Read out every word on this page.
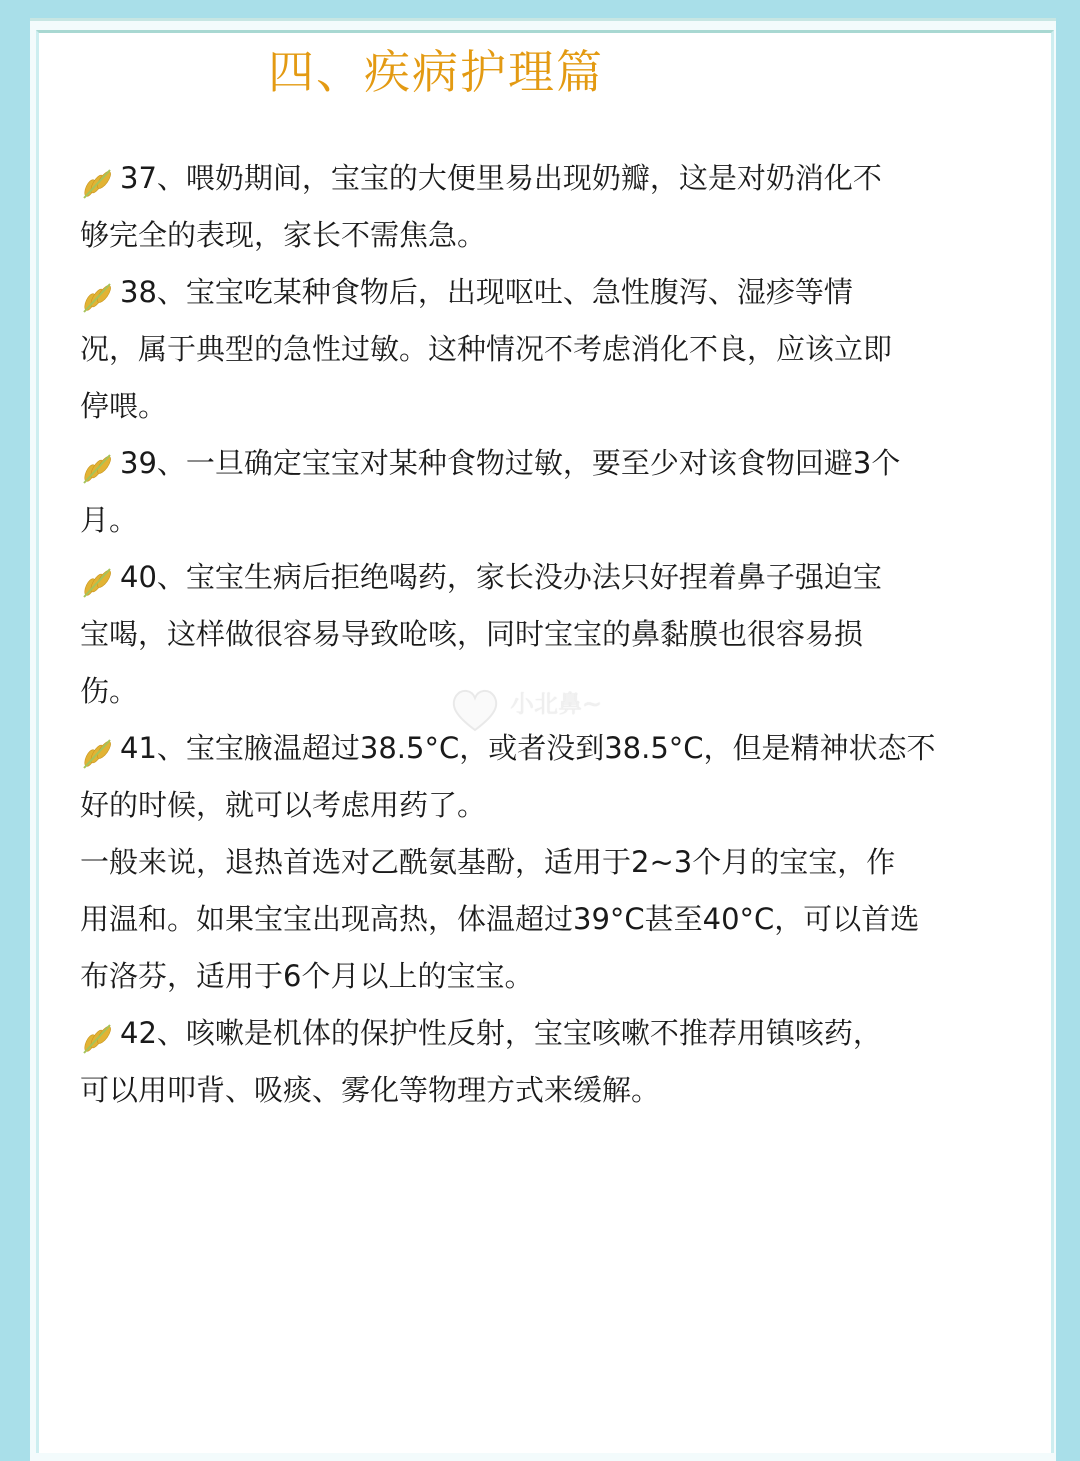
四、疾病护理篇
37、喂奶期间，宝宝的大便里易出现奶瓣，这是对奶消化不
够完全的表现，家长不需焦急。
38、宝宝吃某种食物后，出现呕吐、急性腹泻、湿疹等情
况，属于典型的急性过敏。这种情况不考虑消化不良，应该立即
停喂。
39、一旦确定宝宝对某种食物过敏，要至少对该食物回避3个
月。
40、宝宝生病后拒绝喝药，家长没办法只好捏着鼻子强迫宝
宝喝，这样做很容易导致呛咳，同时宝宝的鼻黏膜也很容易损
伤。
41、宝宝腋温超过38.5°C，或者没到38.5°C，但是精神状态不
好的时候，就可以考虑用药了。
一般来说，退热首选对乙酰氨基酚，适用于2~3个月的宝宝，作
用温和。如果宝宝出现高热，体温超过39°C甚至40°C，可以首选
布洛芬，适用于6个月以上的宝宝。
42、咳嗽是机体的保护性反射，宝宝咳嗽不推荐用镇咳药，
可以用叩背、吸痰、雾化等物理方式来缓解。
小北鼻~
